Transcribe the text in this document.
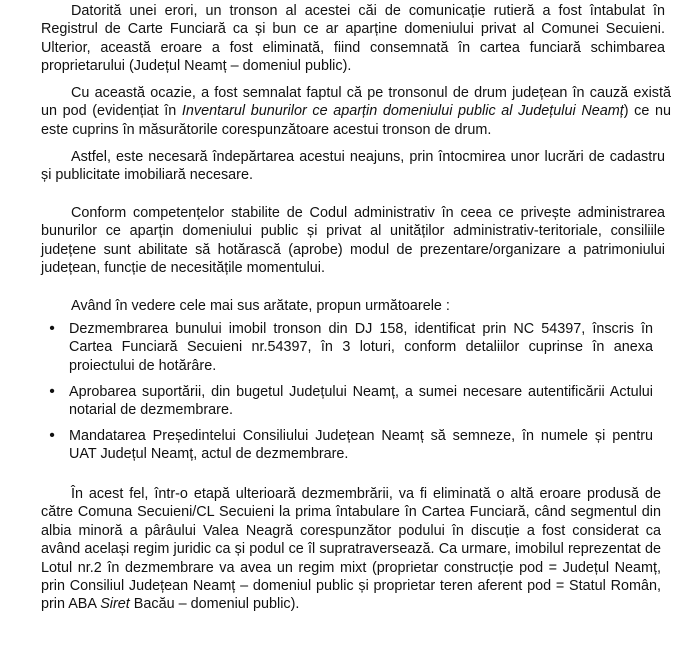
Datorită unei erori, un tronson al acestei căi de comunicație rutieră a fost întabulat în Registrul de Carte Funciară ca și bun ce ar aparține domeniului privat al Comunei Secuieni. Ulterior, această eroare a fost eliminată, fiind consemnată în cartea funciară schimbarea proprietarului (Județul Neamț – domeniul public).

Cu această ocazie, a fost semnalat faptul că pe tronsonul de drum județean în cauză există un pod (evidențiat în Inventarul bunurilor ce aparțin domeniului public al Județului Neamț) ce nu este cuprins în măsurătorile corespunzătoare acestui tronson de drum.

Astfel, este necesară îndepărtarea acestui neajuns, prin întocmirea unor lucrări de cadastru și publicitate imobiliară necesare.

Conform competențelor stabilite de Codul administrativ în ceea ce privește administrarea bunurilor ce aparțin domeniului public și privat al unităților administrativ-teritoriale, consiliile județene sunt abilitate să hotărască (aprobe) modul de prezentare/organizare a patrimoniului județean, funcție de necesitățile momentului.

Având în vedere cele mai sus arătate, propun următoarele :

• Dezmembrarea bunului imobil tronson din DJ 158, identificat prin NC 54397, înscris în Cartea Funciară Secuieni nr.54397, în 3 loturi, conform detaliilor cuprinse în anexa proiectului de hotărâre.

• Aprobarea suportării, din bugetul Județului Neamț, a sumei necesare autentificării Actului notarial de dezmembrare.

• Mandatarea Președintelui Consiliului Județean Neamț să semneze, în numele și pentru UAT Județul Neamț, actul de dezmembrare.

În acest fel, într-o etapă ulterioară dezmembrării, va fi eliminată o altă eroare produsă de către Comuna Secuieni/CL Secuieni la prima întabulare în Cartea Funciară, când segmentul din albia minoră a pârâului Valea Neagră corespunzător podului în discuție a fost considerat ca având același regim juridic ca și podul ce îl supratraversează. Ca urmare, imobilul reprezentat de Lotul nr.2 în dezmembrare va avea un regim mixt (proprietar construcție pod = Județul Neamț, prin Consiliul Județean Neamț – domeniul public și proprietar teren aferent pod = Statul Român, prin ABA Siret Bacău – domeniul public).
